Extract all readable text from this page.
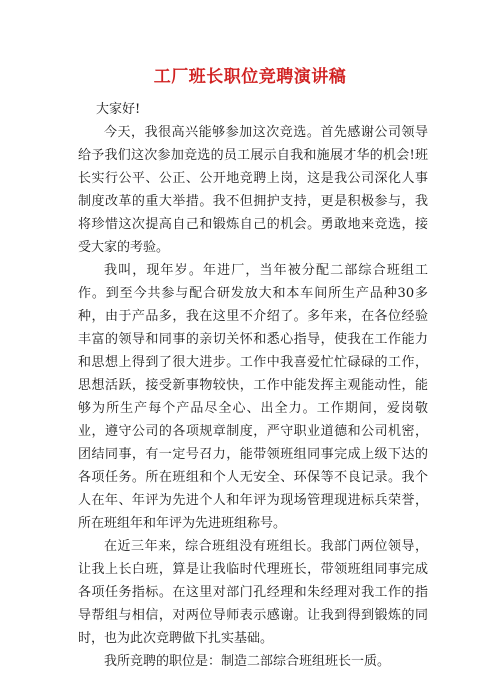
工厂班长职位竞聘演讲稿

大家好!

今天，我很高兴能够参加这次竞选。首先感谢公司领导给予我们这次参加竞选的员工展示自我和施展才华的机会!班长实行公平、公正、公开地竞聘上岗，这是我公司深化人事制度改革的重大举措。我不但拥护支持，更是积极参与，我将珍惜这次提高自己和锻炼自己的机会。勇敢地来竞选，接受大家的考验。

我叫，现年岁。年进厂，当年被分配二部综合班组工作。到至今共参与配合研发放大和本车间所生产品种30多种，由于产品多，我在这里不介绍了。多年来，在各位经验丰富的领导和同事的亲切关怀和悉心指导，使我在工作能力和思想上得到了很大进步。工作中我喜爱忙忙碌碌的工作，思想活跃，接受新事物较快，工作中能发挥主观能动性，能够为所生产每个产品尽全心、出全力。工作期间，爱岗敬业，遵守公司的各项规章制度，严守职业道德和公司机密，团结同事，有一定号召力，能带领班组同事完成上级下达的各项任务。所在班组和个人无安全、环保等不良记录。我个人在年、年评为先进个人和年评为现场管理现进标兵荣誉，所在班组年和年评为先进班组称号。

在近三年来，综合班组没有班组长。我部门两位领导，让我上长白班，算是让我临时代理班长，带领班组同事完成各项任务指标。在这里对部门孔经理和朱经理对我工作的指导帮组与相信，对两位导师表示感谢。让我到得到锻炼的同时，也为此次竞聘做下扎实基础。

我所竞聘的职位是：制造二部综合班组班长一质。
